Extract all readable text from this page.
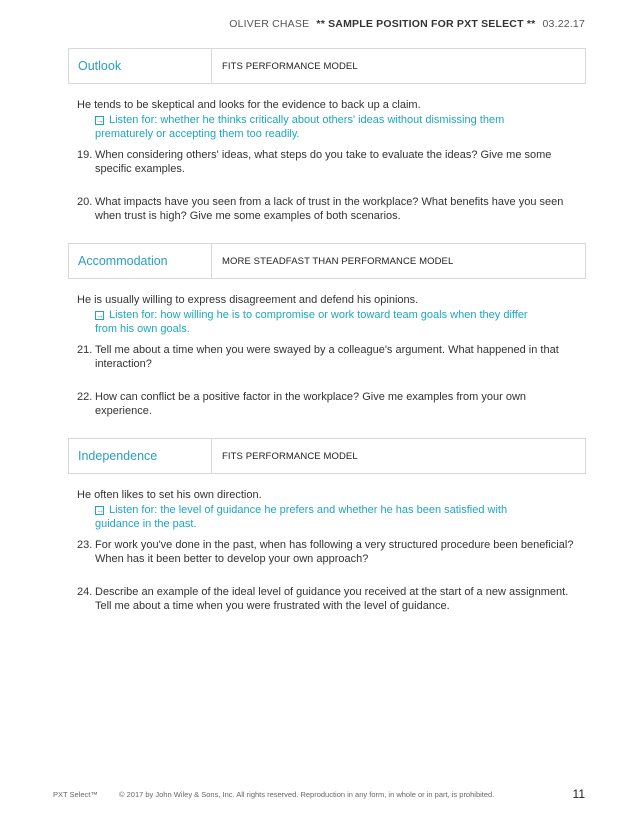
OLIVER CHASE ** SAMPLE POSITION FOR PXT SELECT ** 03.22.17
Outlook	FITS PERFORMANCE MODEL
He tends to be skeptical and looks for the evidence to back up a claim.
→ Listen for: whether he thinks critically about others' ideas without dismissing them
prematurely or accepting them too readily.
19. When considering others' ideas, what steps do you take to evaluate the ideas? Give me some specific examples.
20. What impacts have you seen from a lack of trust in the workplace? What benefits have you seen when trust is high? Give me some examples of both scenarios.
Accommodation	MORE STEADFAST THAN PERFORMANCE MODEL
He is usually willing to express disagreement and defend his opinions.
→ Listen for: how willing he is to compromise or work toward team goals when they differ
from his own goals.
21. Tell me about a time when you were swayed by a colleague's argument. What happened in that interaction?
22. How can conflict be a positive factor in the workplace? Give me examples from your own experience.
Independence	FITS PERFORMANCE MODEL
He often likes to set his own direction.
→ Listen for: the level of guidance he prefers and whether he has been satisfied with
guidance in the past.
23. For work you've done in the past, when has following a very structured procedure been beneficial? When has it been better to develop your own approach?
24. Describe an example of the ideal level of guidance you received at the start of a new assignment. Tell me about a time when you were frustrated with the level of guidance.
PXT Select™	© 2017 by John Wiley & Sons, Inc. All rights reserved. Reproduction in any form, in whole or in part, is prohibited.	11
